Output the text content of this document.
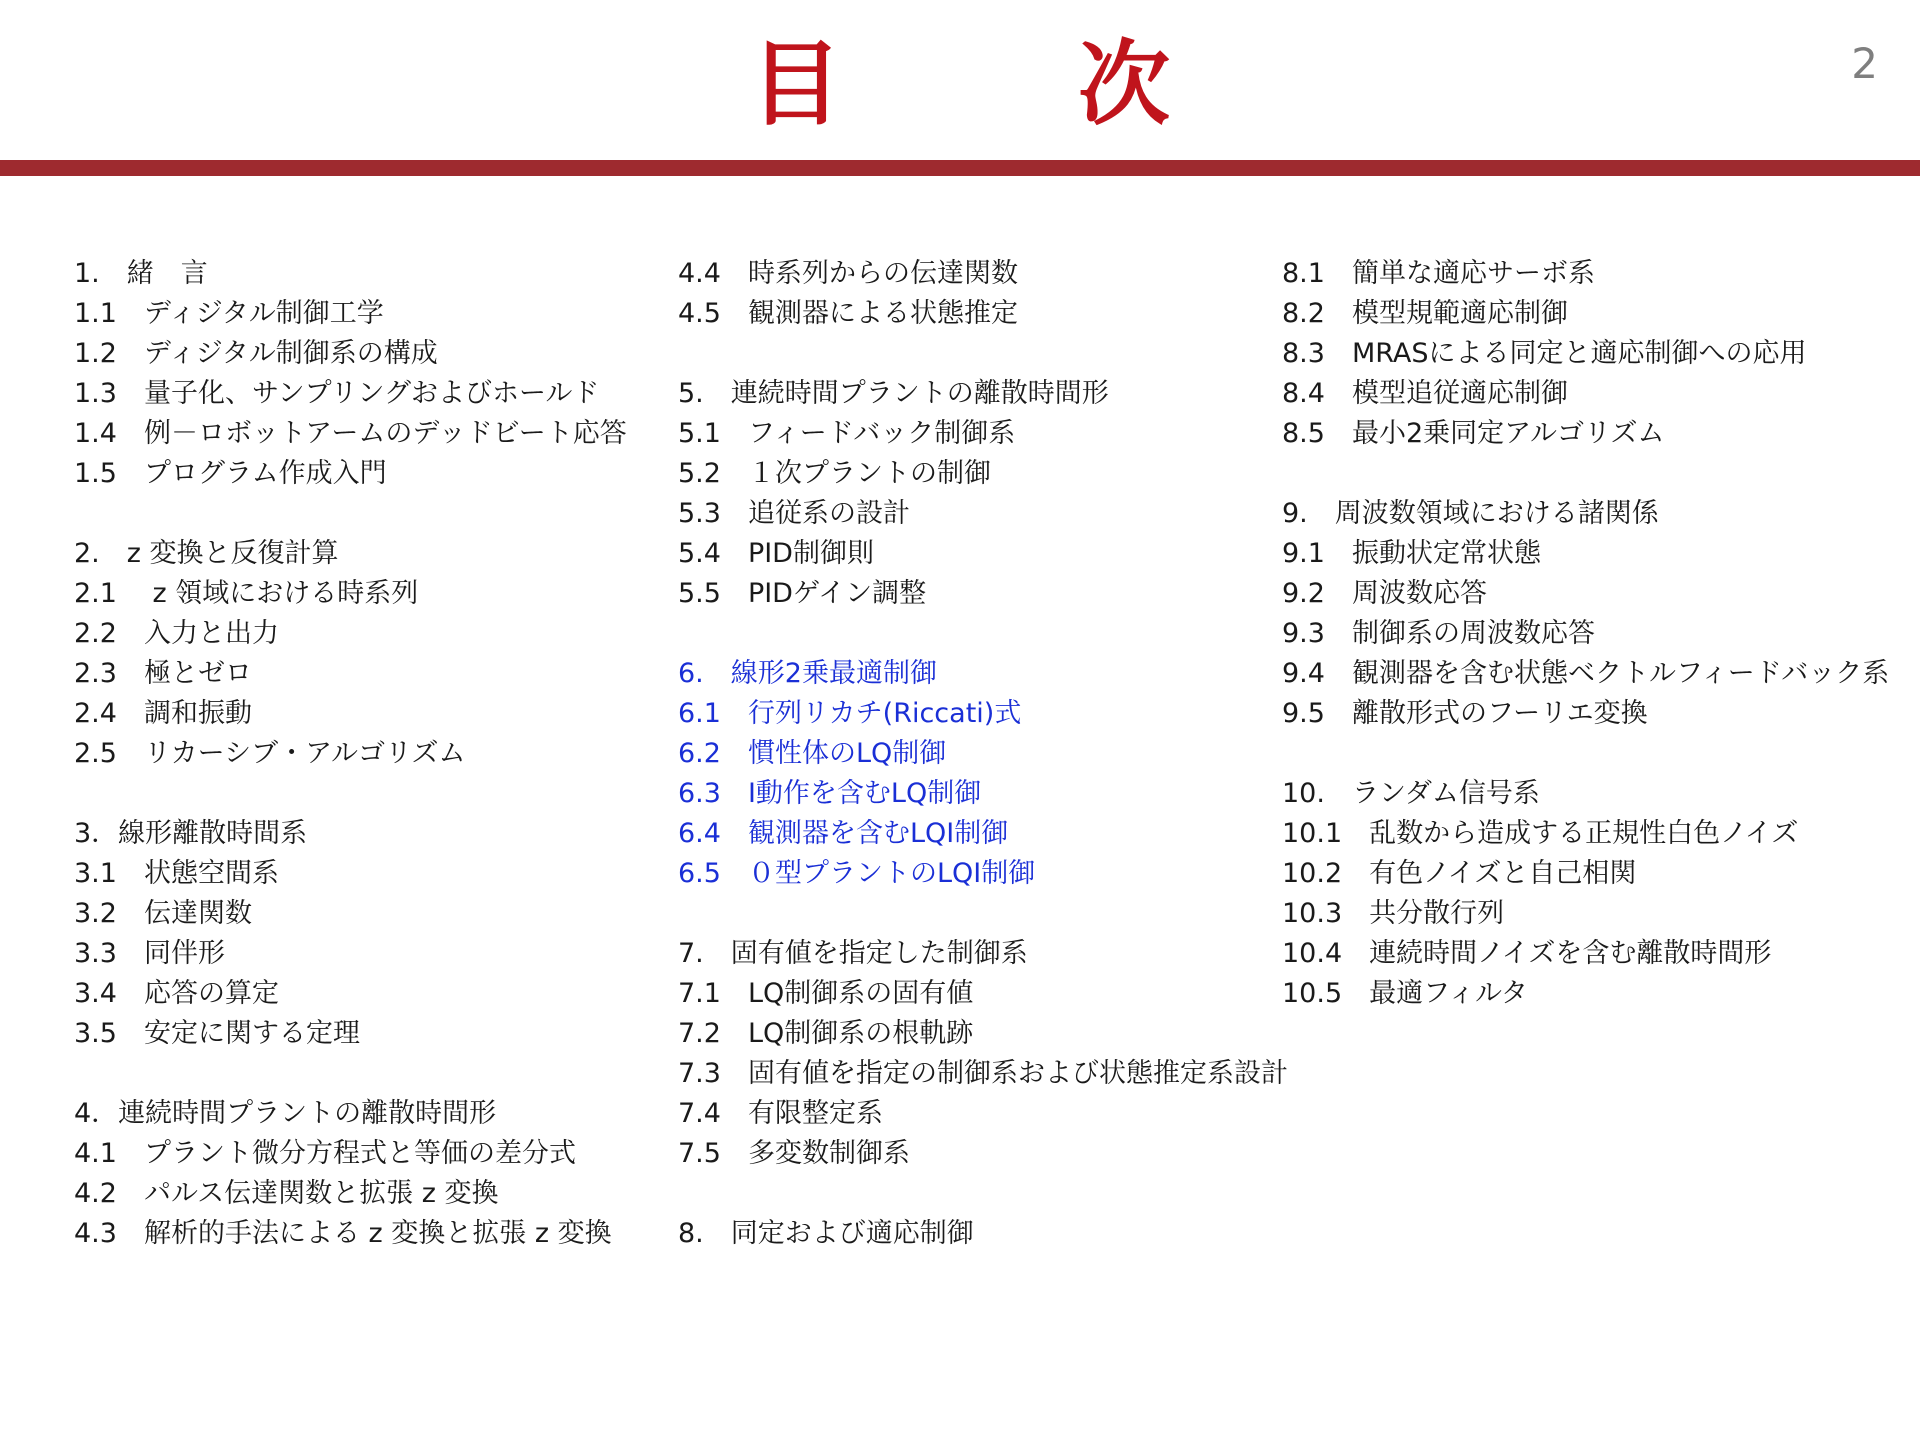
目　次	2
1.　緒　言
1.1　ディジタル制御工学
1.2　ディジタル制御系の構成
1.3　量子化、サンプリングおよびホールド
1.4　例－ロボットアームのデッドビート応答
1.5　プログラム作成入門
2.　z 変換と反復計算
2.1　 z 領域における時系列
2.2　入力と出力
2.3　極とゼロ
2.4　調和振動
2.5　リカーシブ・アルゴリズム
3．線形離散時間系
3.1　状態空間系
3.2　伝達関数
3.3　同伴形
3.4　応答の算定
3.5　安定に関する定理
4．連続時間プラントの離散時間形
4.1　プラント微分方程式と等価の差分式
4.2　パルス伝達関数と拡張 z 変換
4.3　解析的手法による z 変換と拡張 z 変換
4.4　時系列からの伝達関数
4.5　観測器による状態推定
5.　連続時間プラントの離散時間形
5.1　フィードバック制御系
5.2　１次プラントの制御
5.3　追従系の設計
5.4　PID制御則
5.5　PIDゲイン調整
6.　線形2乗最適制御
6.1　行列リカチ(Riccati)式
6.2　慣性体のLQ制御
6.3　I動作を含むLQ制御
6.4　観測器を含むLQI制御
6.5　０型プラントのLQI制御
7.　固有値を指定した制御系
7.1　LQ制御系の固有値
7.2　LQ制御系の根軌跡
7.3　固有値を指定の制御系および状態推定系設計
7.4　有限整定系
7.5　多変数制御系
8.　同定および適応制御
8.1　簡単な適応サーボ系
8.2　模型規範適応制御
8.3　MRASによる同定と適応制御への応用
8.4　模型追従適応制御
8.5　最小2乗同定アルゴリズム
9.　周波数領域における諸関係
9.1　振動状定常状態
9.2　周波数応答
9.3　制御系の周波数応答
9.4　観測器を含む状態ベクトルフィードバック系
9.5　離散形式のフーリエ変換
10.　ランダム信号系
10.1　乱数から造成する正規性白色ノイズ
10.2　有色ノイズと自己相関
10.3　共分散行列
10.4　連続時間ノイズを含む離散時間形
10.5　最適フィルタ
